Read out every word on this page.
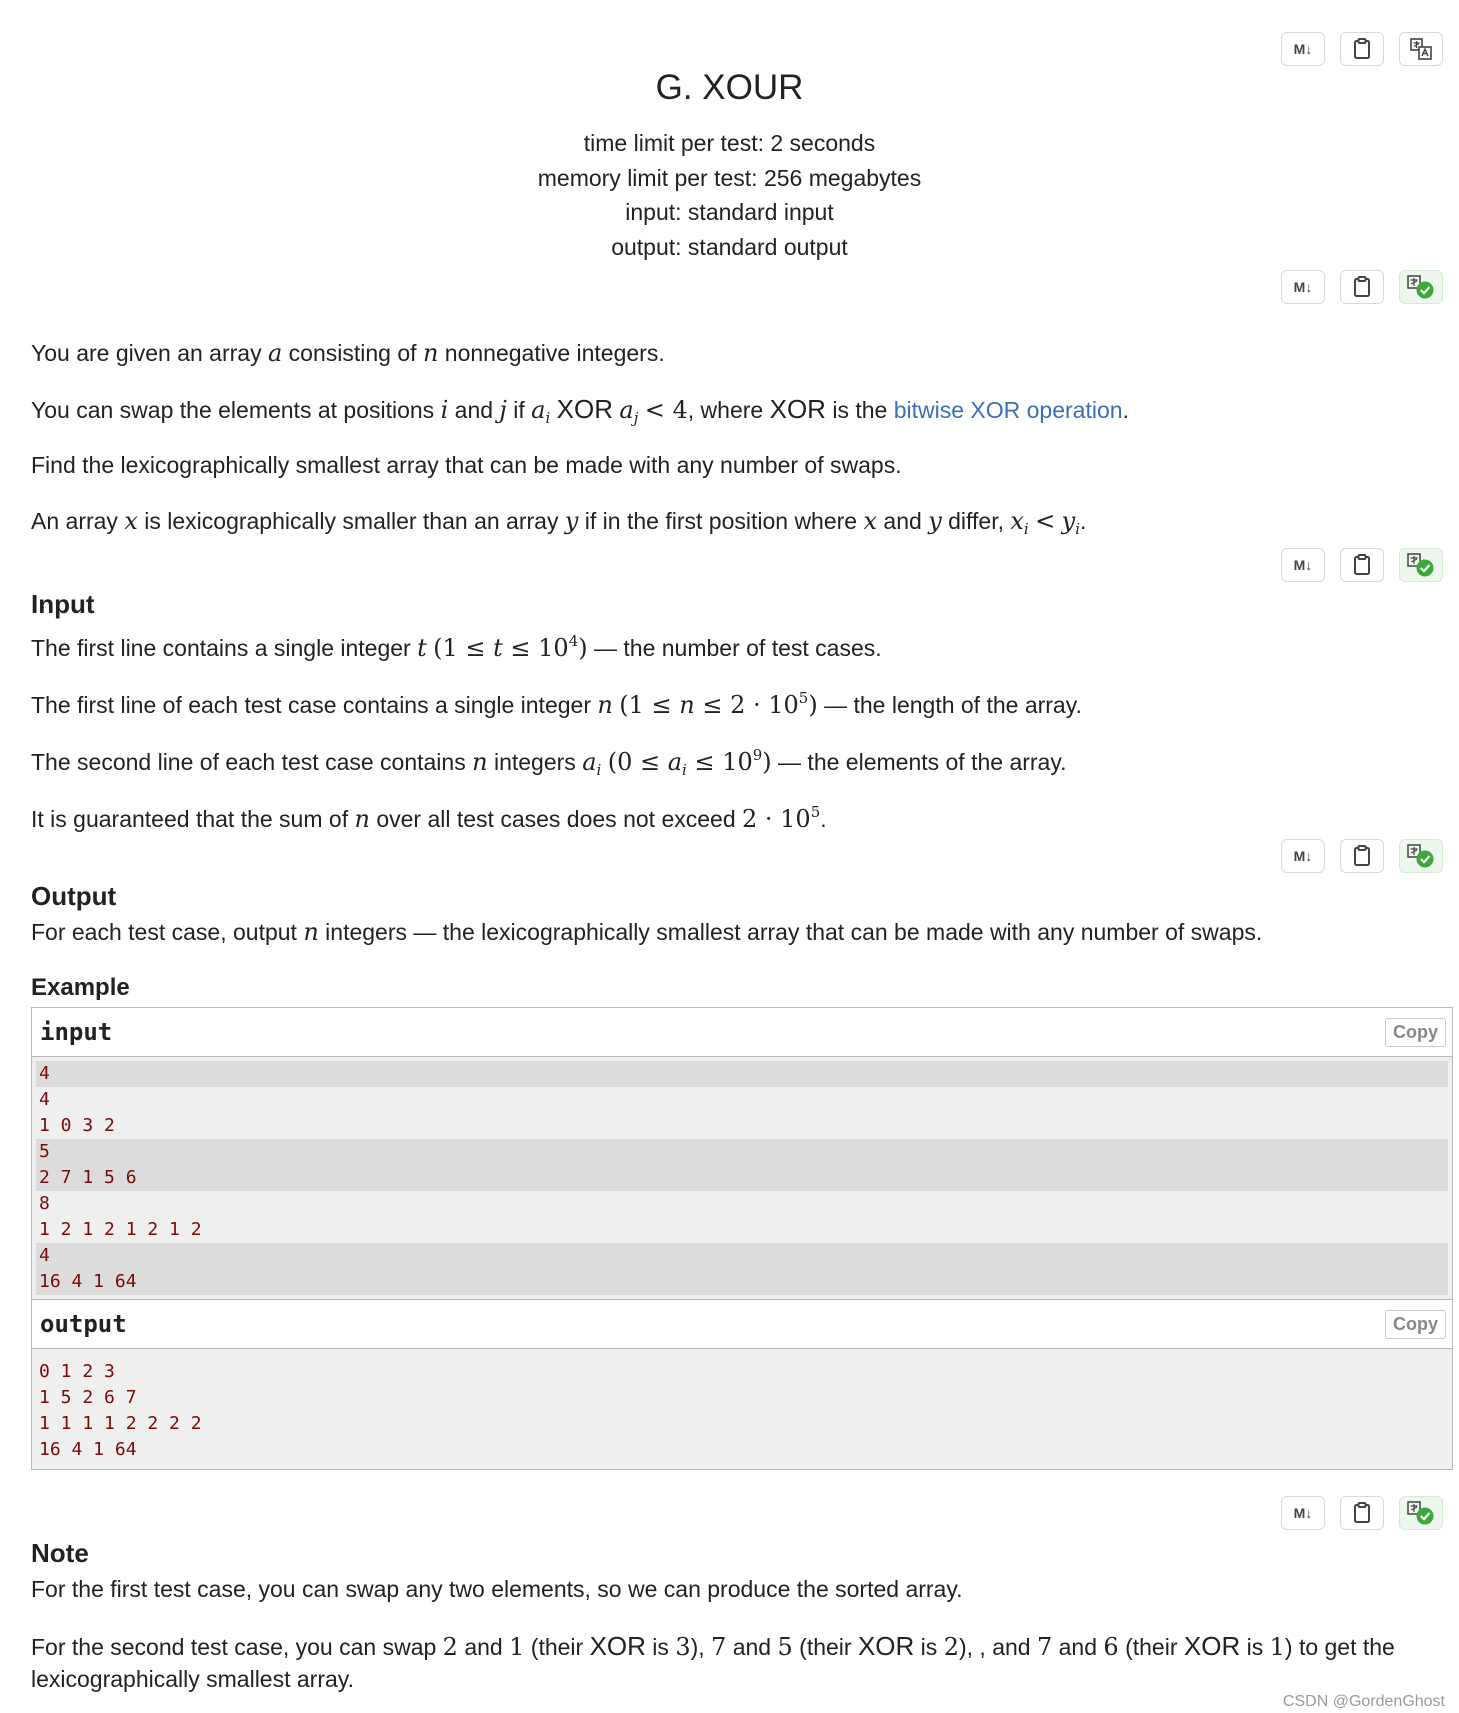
M↓
M↓
M↓
M↓
M↓
G. XOUR
time limit per test: 2 seconds
memory limit per test: 256 megabytes
input: standard input
output: standard output

You are given an array a consisting of n nonnegative integers.

You can swap the elements at positions i and j if $a_i$ XOR $a_j < 4$, where XOR is the bitwise XOR operation.

Find the lexicographically smallest array that can be made with any number of swaps.

An array x is lexicographically smaller than an array y if in the first position where x and y differ, $x_i < y_i$.

Input

The first line contains a single integer t $(1 \le t \le 10^4)$ — the number of test cases.

The first line of each test case contains a single integer n $(1 \le n \le 2 \cdot 10^5)$ — the length of the array.

The second line of each test case contains n integers $a_i$ $(0 \le a_i \le 10^9)$ — the elements of the array.

It is guaranteed that the sum of n over all test cases does not exceed $2 \cdot 10^5$.

Output

For each test case, output n integers — the lexicographically smallest array that can be made with any number of swaps.

Example
input	Copy
4
4
1 0 3 2
5
2 7 1 5 6
8
1 2 1 2 1 2 1 2
4
16 4 1 64
output	Copy
0 1 2 3
1 5 2 6 7
1 1 1 1 2 2 2 2
16 4 1 64
Note

For the first test case, you can swap any two elements, so we can produce the sorted array.

For the second test case, you can swap 2 and 1 (their XOR is 3), 7 and 5 (their XOR is 2), , and 7 and 6 (their XOR is 1) to get the

lexicographically smallest array.

CSDN @GordenGhost
